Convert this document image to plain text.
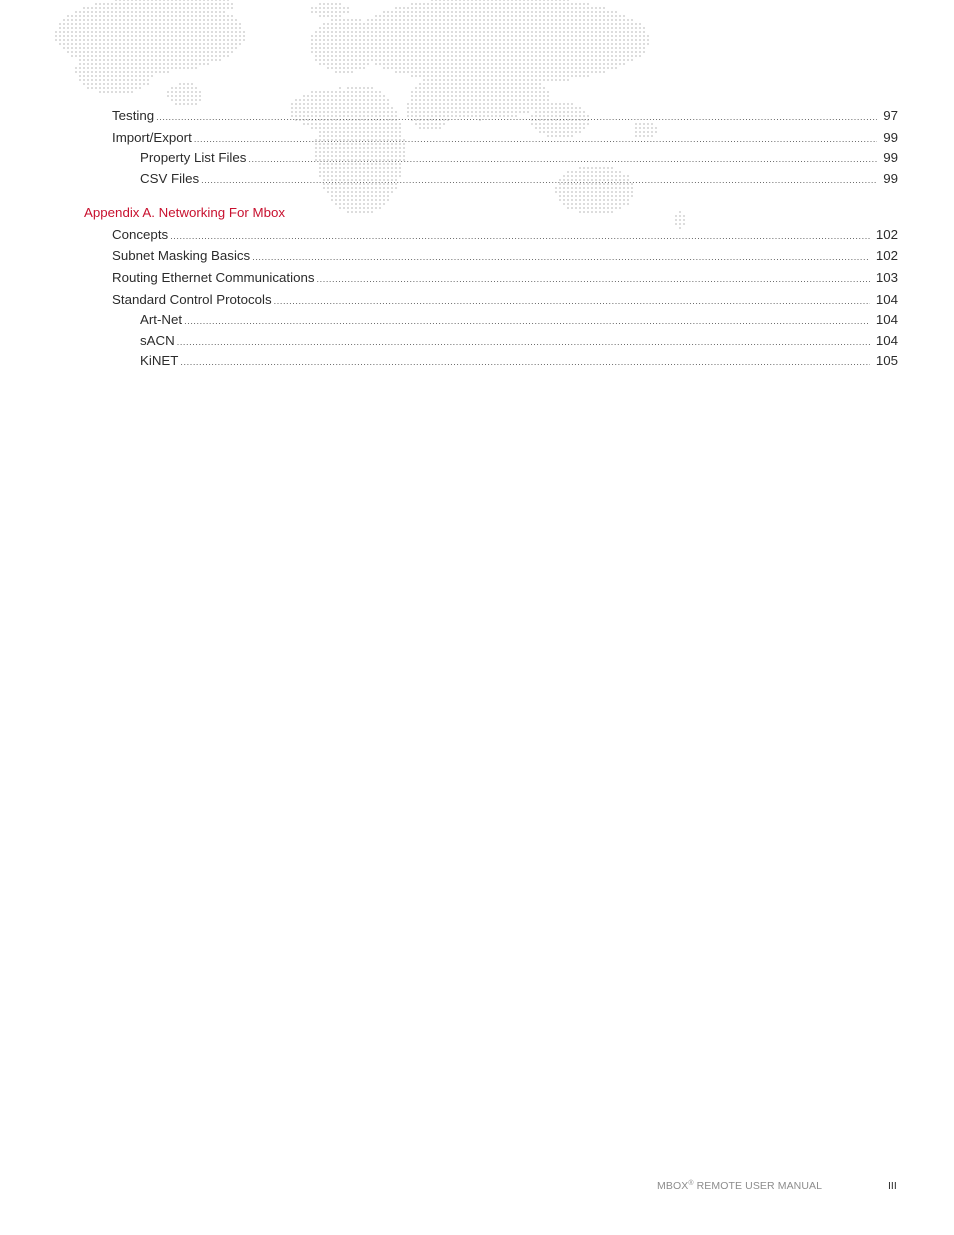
Testing .....	97
Import/Export .....	99
Property List Files .....	99
CSV Files .....	99
Appendix A. Networking For Mbox
Concepts .....	102
Subnet Masking Basics .....	102
Routing Ethernet Communications .....	103
Standard Control Protocols .....	104
Art-Net .....	104
sACN .....	104
KiNET .....	105
MBOX® REMOTE USER MANUAL	III
